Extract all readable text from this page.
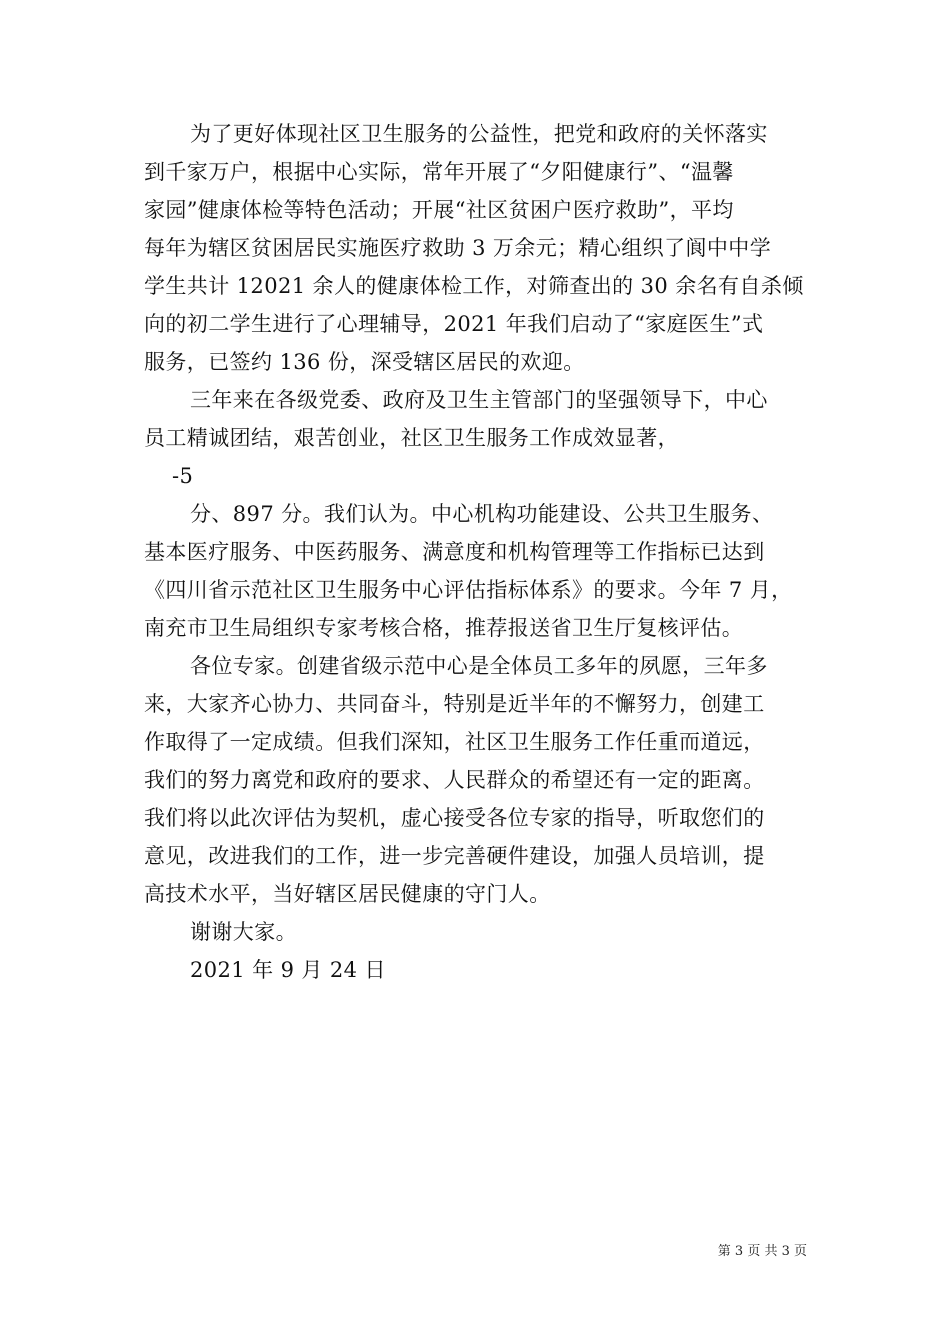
为了更好体现社区卫生服务的公益性，把党和政府的关怀落实
到千家万户，根据中心实际，常年开展了“夕阳健康行”、“温馨
家园”健康体检等特色活动；开展“社区贫困户医疗救助”，平均
每年为辖区贫困居民实施医疗救助 3 万余元；精心组织了阆中中学
学生共计 12021 余人的健康体检工作，对筛查出的 30 余名有自杀倾
向的初二学生进行了心理辅导，2021 年我们启动了“家庭医生”式
服务，已签约 136 份，深受辖区居民的欢迎。
三年来在各级党委、政府及卫生主管部门的坚强领导下，中心
员工精诚团结，艰苦创业，社区卫生服务工作成效显著，
-5
分、897 分。我们认为。中心机构功能建设、公共卫生服务、
基本医疗服务、中医药服务、满意度和机构管理等工作指标已达到
《四川省示范社区卫生服务中心评估指标体系》的要求。今年 7 月，
南充市卫生局组织专家考核合格，推荐报送省卫生厅复核评估。
各位专家。创建省级示范中心是全体员工多年的夙愿，三年多
来，大家齐心协力、共同奋斗，特别是近半年的不懈努力，创建工
作取得了一定成绩。但我们深知，社区卫生服务工作任重而道远，
我们的努力离党和政府的要求、人民群众的希望还有一定的距离。
我们将以此次评估为契机，虚心接受各位专家的指导，听取您们的
意见，改进我们的工作，进一步完善硬件建设，加强人员培训，提
高技术水平，当好辖区居民健康的守门人。
谢谢大家。
2021 年 9 月 24 日
第 3 页 共 3 页
